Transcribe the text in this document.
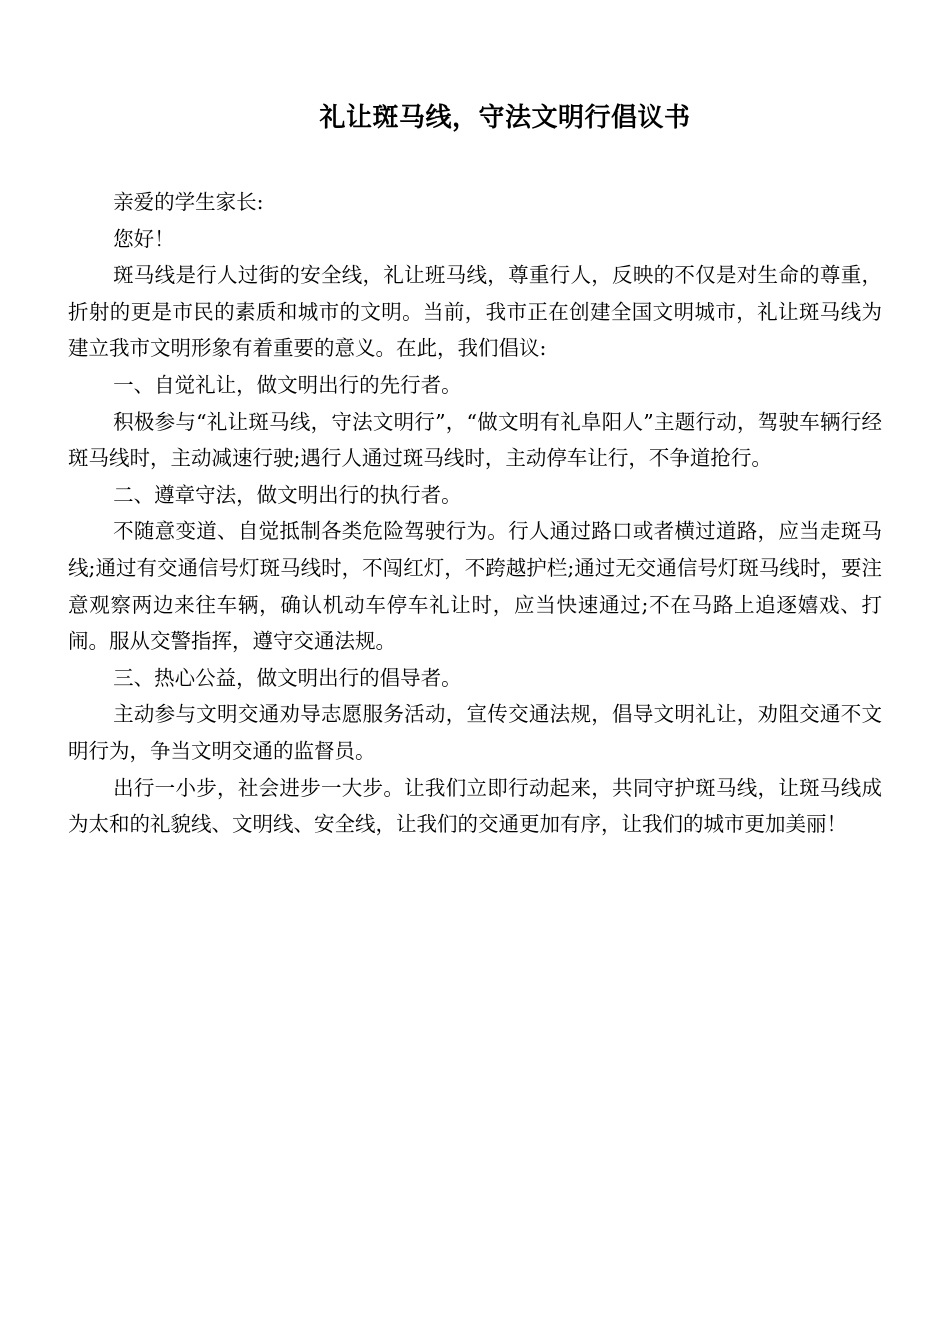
礼让斑马线，守法文明行倡议书

亲爱的学生家长:

您好！

斑马线是行人过街的安全线，礼让班马线，尊重行人，反映的不仅是对生命的尊重，折射的更是市民的素质和城市的文明。当前，我市正在创建全国文明城市，礼让斑马线为建立我市文明形象有着重要的意义。在此，我们倡议:

一、自觉礼让，做文明出行的先行者。

积极参与“礼让斑马线，守法文明行”，“做文明有礼阜阳人”主题行动，驾驶车辆行经斑马线时，主动减速行驶;遇行人通过斑马线时，主动停车让行，不争道抢行。

二、遵章守法，做文明出行的执行者。

不随意变道、自觉抵制各类危险驾驶行为。行人通过路口或者横过道路，应当走斑马线;通过有交通信号灯斑马线时，不闯红灯，不跨越护栏;通过无交通信号灯斑马线时，要注意观察两边来往车辆，确认机动车停车礼让时，应当快速通过;不在马路上追逐嬉戏、打闹。服从交警指挥，遵守交通法规。

三、热心公益，做文明出行的倡导者。

主动参与文明交通劝导志愿服务活动，宣传交通法规，倡导文明礼让，劝阻交通不文明行为，争当文明交通的监督员。

出行一小步，社会进步一大步。让我们立即行动起来，共同守护斑马线，让斑马线成为太和的礼貌线、文明线、安全线，让我们的交通更加有序，让我们的城市更加美丽！
